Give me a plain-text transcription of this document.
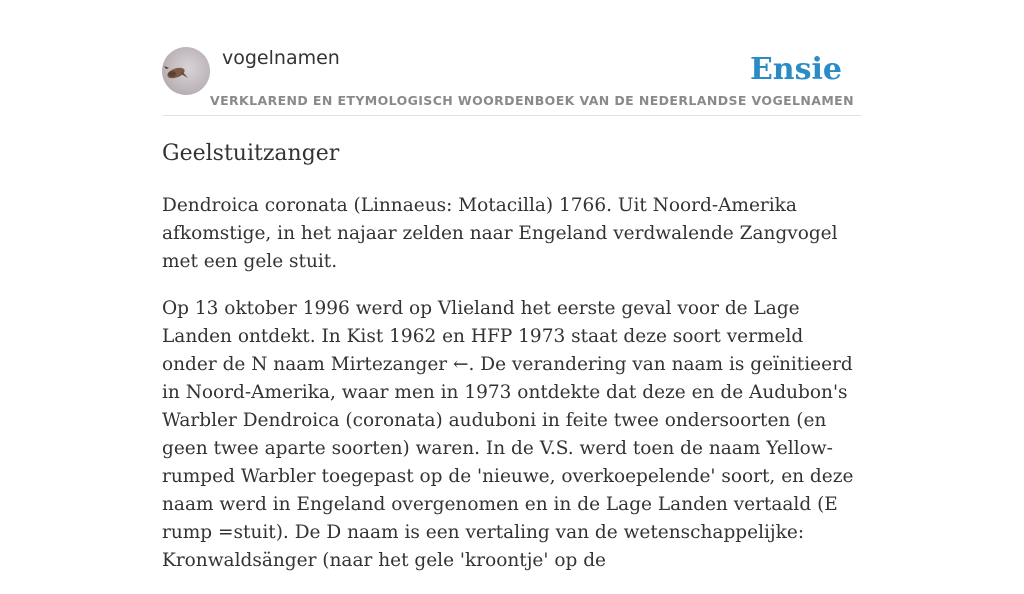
vogelnamen	Ensie
VERKLAREND EN ETYMOLOGISCH WOORDENBOEK VAN DE NEDERLANDSE VOGELNAMEN
Geelstuitzanger

Dendroica coronata (Linnaeus: Motacilla) 1766. Uit Noord-Amerika afkomstige, in het najaar zelden naar Engeland verdwalende Zangvogel met een gele stuit.

Op 13 oktober 1996 werd op Vlieland het eerste geval voor de Lage Landen ontdekt. In Kist 1962 en HFP 1973 staat deze soort vermeld onder de N naam Mirtezanger ←. De verandering van naam is geïnitieerd in Noord-Amerika, waar men in 1973 ontdekte dat deze en de Audubon's Warbler Dendroica (coronata) auduboni in feite twee ondersoorten (en geen twee aparte soorten) waren. In de V.S. werd toen de naam Yellow-rumped Warbler toegepast op de 'nieuwe, overkoepelende' soort, en deze naam werd in Engeland overgenomen en in de Lage Landen vertaald (E rump =stuit). De D naam is een vertaling van de wetenschappelijke: Kronwaldsänger (naar het gele 'kroontje' op de
